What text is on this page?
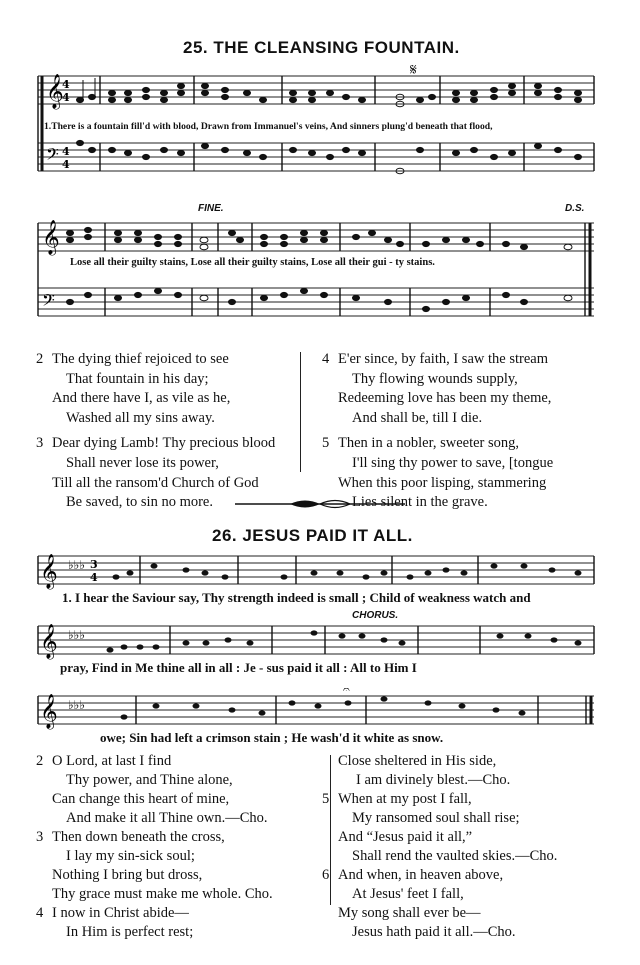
25. THE CLEANSING FOUNTAIN.
𝄋
𝄞
4
4
𝄢 4
4
1.There is a fountain fill'd with blood, Drawn from Immanuel's veins, And sinners plung'd beneath that flood,
FINE.	D.S.
𝄞
𝄢
Lose all their guilty stains, Lose all their guilty stains, Lose all their gui - ty stains.
2 The dying thief rejoiced to see
That fountain in his day;
And there have I, as vile as he,
Washed all my sins away.
3 Dear dying Lamb! Thy precious blood
Shall never lose its power,
Till all the ransom'd Church of God
Be saved, to sin no more.
4 E'er since, by faith, I saw the stream
Thy flowing wounds supply,
Redeeming love has been my theme,
And shall be, till I die.
5 Then in a nobler, sweeter song,
I'll sing thy power to save, [tongue
When this poor lisping, stammering
Lies silent in the grave.
26. JESUS PAID IT ALL.
𝄞 ♭♭♭ 3
4
1. I hear the Saviour say, Thy strength indeed is small ; Child of weakness watch and
CHORUS.
𝄞 ♭♭♭
pray, Find in Me thine all in all : Je - sus paid it all : All to Him I
𝄞 ♭♭♭
𝄐
owe; Sin had left a crimson stain ; He wash'd it white as snow.
2 O Lord, at last I find
Thy power, and Thine alone,
Can change this heart of mine,
And make it all Thine own.—Cho.
3 Then down beneath the cross,
I lay my sin-sick soul;
Nothing I bring but dross,
Thy grace must make me whole. Cho.
4 I now in Christ abide—
In Him is perfect rest;
Close sheltered in His side,
I am divinely blest.—Cho.
5 When at my post I fall,
My ransomed soul shall rise;
And “Jesus paid it all,”
Shall rend the vaulted skies.—Cho.
6 And when, in heaven above,
At Jesus' feet I fall,
My song shall ever be—
Jesus hath paid it all.—Cho.
